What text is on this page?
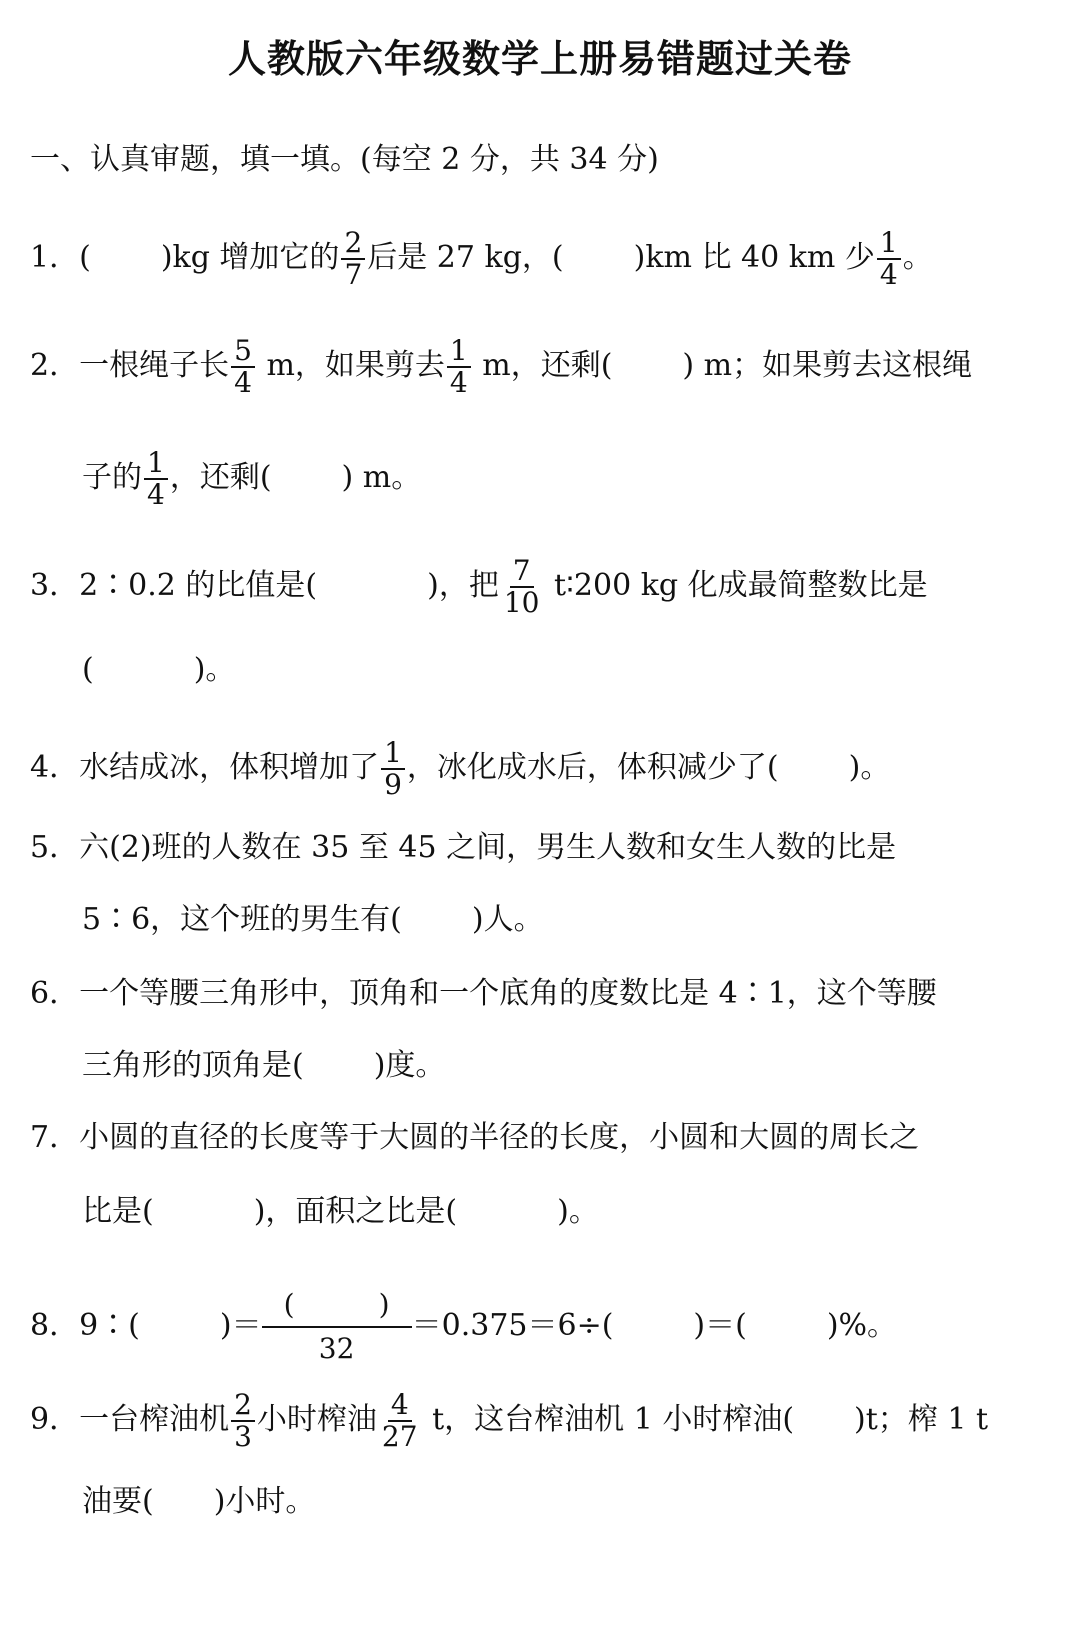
人教版六年级数学上册易错题过关卷
一、认真审题，填一填。(每空 2 分，共 34 分)
1．( )kg 增加它的 $\frac{2}{7}$ 后是 27 kg，( )km 比 40 km 少 $\frac{1}{4}$ 。
2．一根绳子长 $\frac{5}{4}$ m，如果剪去 $\frac{1}{4}$ m，还剩( ) m；如果剪去这根绳
子的 $\frac{1}{4}$ ，还剩( ) m。
3．2∶0.2 的比值是(	)，把 $\frac{7}{10}$ t∶200 kg 化成最简整数比是
(	)。
4．水结成冰，体积增加了 $\frac{1}{9}$ ，冰化成水后，体积减少了( )。
5．六(2)班的人数在 35 至 45 之间，男生人数和女生人数的比是
5∶6，这个班的男生有( )人。
6．一个等腰三角形中，顶角和一个底角的度数比是 4∶1，这个等腰
三角形的顶角是( )度。
7．小圆的直径的长度等于大圆的半径的长度，小圆和大圆的周长之
比是(	)，面积之比是(	)。
8．9∶(	)＝
(　　　)
32
＝0.375＝6÷(	)＝(	)%。
9．一台榨油机 $\frac{2}{3}$ 小时榨油 $\frac{4}{27}$ t，这台榨油机 1 小时榨油( )t；榨 1 t
油要( )小时。
